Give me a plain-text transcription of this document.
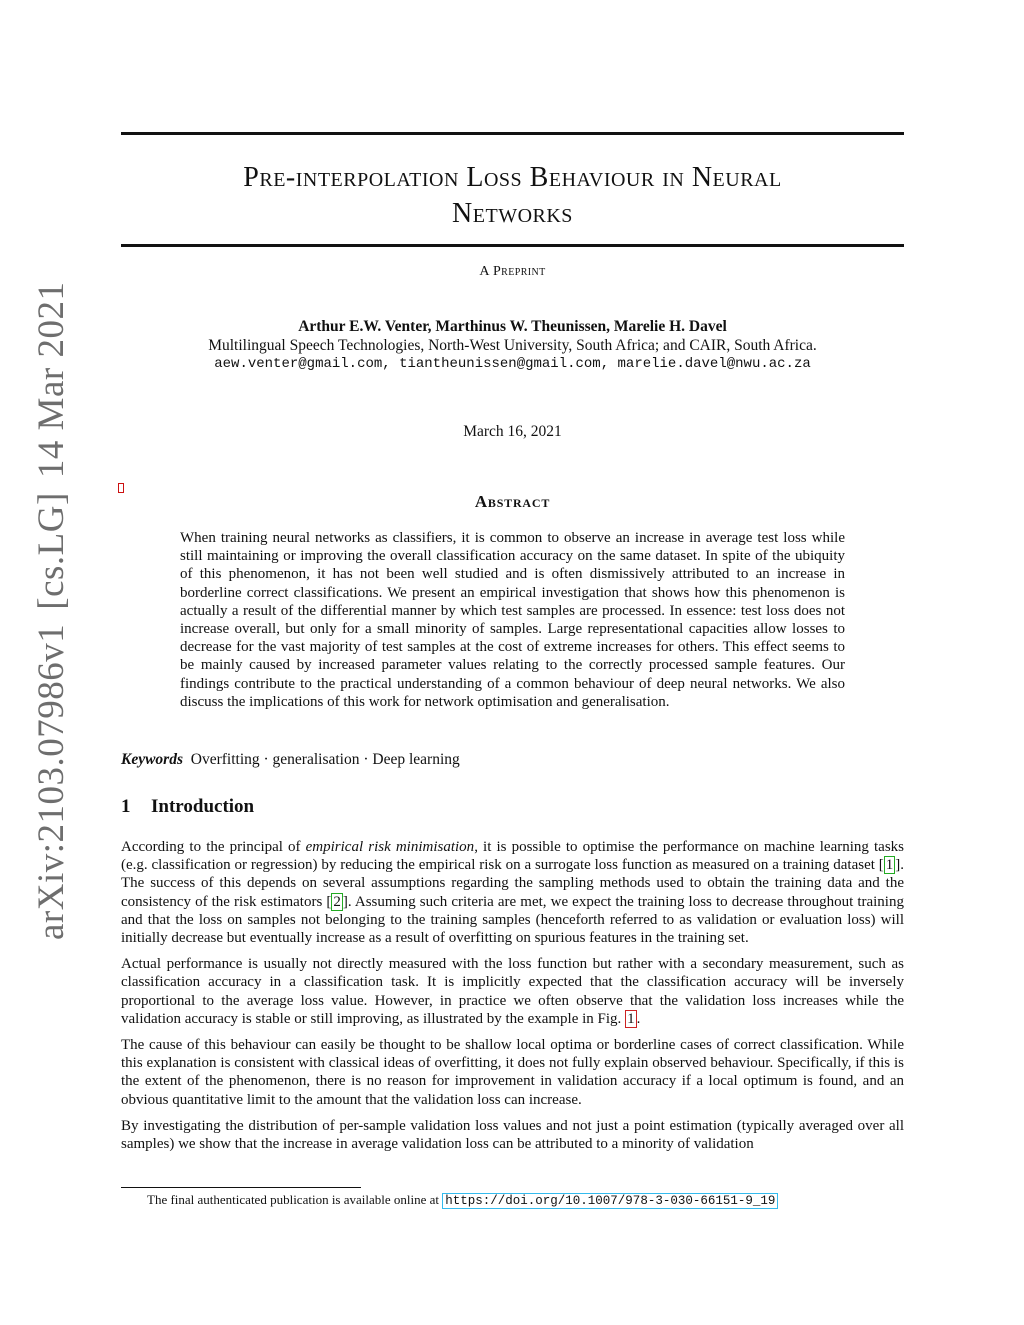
arXiv:2103.07986v1[cs.LG]14 Mar 2021
Pre-interpolation Loss Behaviour in Neural
Networks
A Preprint
Arthur E.W. Venter, Marthinus W. Theunissen, Marelie H. Davel
Multilingual Speech Technologies, North-West University, South Africa; and CAIR, South Africa.
aew.venter@gmail.com, tiantheunissen@gmail.com, marelie.davel@nwu.ac.za
March 16, 2021
Abstract
When training neural networks as classifiers, it is common to observe an increase in average test loss while still maintaining or improving the overall classification accuracy on the same dataset. In spite of the ubiquity of this phenomenon, it has not been well studied and is often dismissively attributed to an increase in borderline correct classifications. We present an empirical investigation that shows how this phenomenon is actually a result of the differential manner by which test samples are processed. In essence: test loss does not increase overall, but only for a small minority of samples. Large representational capacities allow losses to decrease for the vast majority of test samples at the cost of extreme increases for others. This effect seems to be mainly caused by increased parameter values relating to the correctly processed sample features. Our findings contribute to the practical understanding of a common behaviour of deep neural networks. We also discuss the implications of this work for network optimisation and generalisation.
Keywords Overfitting · generalisation · Deep learning
1 Introduction

According to the principal of empirical risk minimisation, it is possible to optimise the performance on machine learning tasks (e.g. classification or regression) by reducing the empirical risk on a surrogate loss function as measured on a training dataset [ 1 ]. The success of this depends on several assumptions regarding the sampling methods used to obtain the training data and the consistency of the risk estimators [ 2 ]. Assuming such criteria are met, we expect the training loss to decrease throughout training and that the loss on samples not belonging to the training samples (henceforth referred to as validation or evaluation loss) will initially decrease but eventually increase as a result of overfitting on spurious features in the training set.

Actual performance is usually not directly measured with the loss function but rather with a secondary measurement, such as classification accuracy in a classification task. It is implicitly expected that the classification accuracy will be inversely proportional to the average loss value. However, in practice we often observe that the validation loss increases while the validation accuracy is stable or still improving, as illustrated by the example in Fig. 1 .

The cause of this behaviour can easily be thought to be shallow local optima or borderline cases of correct classification. While this explanation is consistent with classical ideas of overfitting, it does not fully explain observed behaviour. Specifically, if this is the extent of the phenomenon, there is no reason for improvement in validation accuracy if a local optimum is found, and an obvious quantitative limit to the amount that the validation loss can increase.

By investigating the distribution of per-sample validation loss values and not just a point estimation (typically averaged over all samples) we show that the increase in average validation loss can be attributed to a minority of validation

The final authenticated publication is available online at https://doi.org/10.1007/978-3-030-66151-9_19
